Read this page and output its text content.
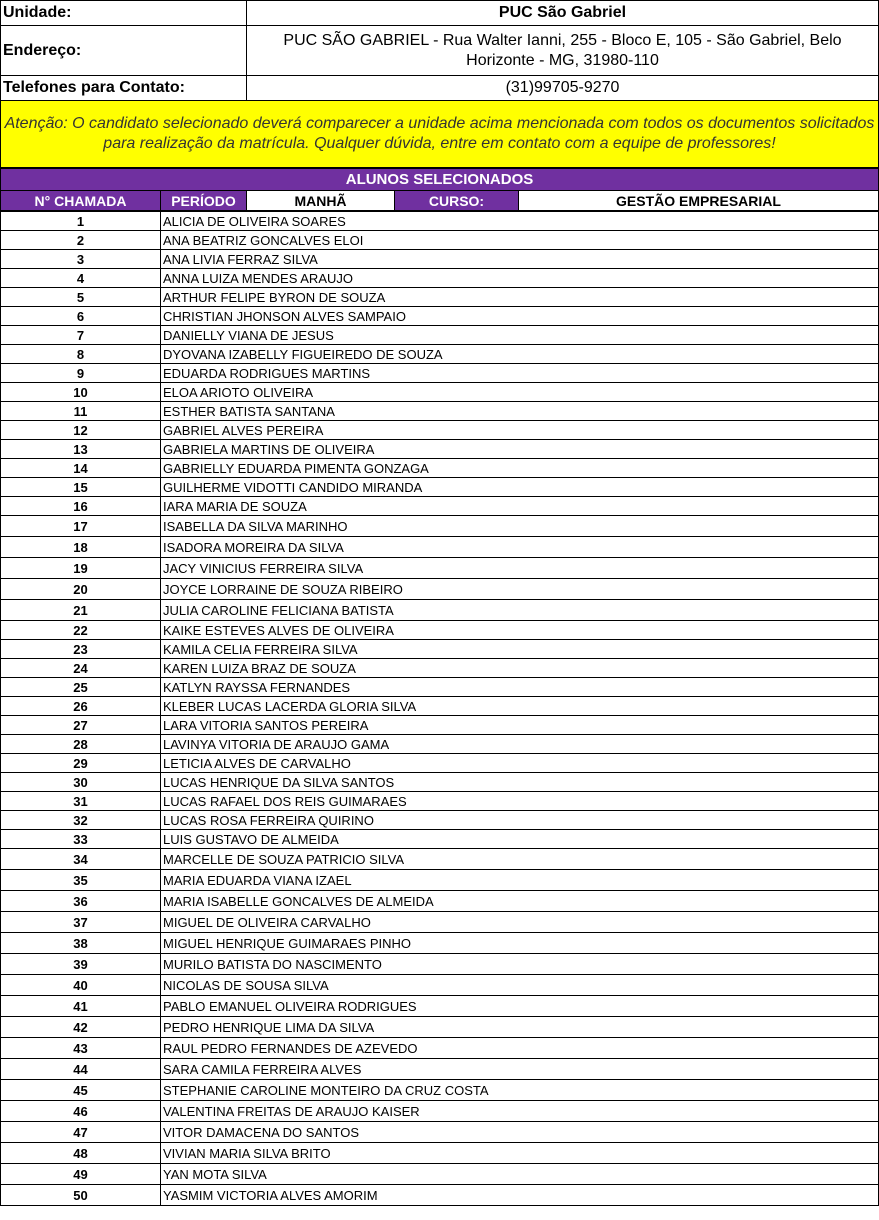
Unidade:	PUC São Gabriel
Endereço:	PUC SÃO GABRIEL - Rua Walter Ianni, 255 - Bloco E, 105 - São Gabriel, Belo Horizonte - MG, 31980-110
Telefones para Contato:	(31)99705-9270
Atenção: O candidato selecionado deverá comparecer a unidade acima mencionada com todos os documentos solicitados para realização da matrícula. Qualquer dúvida, entre em contato com a equipe de professores!	
ALUNOS SELECIONADOS
N° CHAMADA	PERÍODO	MANHÃ	CURSO:	GESTÃO EMPRESARIAL
1	ALICIA DE OLIVEIRA SOARES
2	ANA BEATRIZ GONCALVES ELOI
3	ANA LIVIA FERRAZ SILVA
4	ANNA LUIZA MENDES ARAUJO
5	ARTHUR FELIPE BYRON DE SOUZA
6	CHRISTIAN JHONSON ALVES SAMPAIO
7	DANIELLY VIANA DE JESUS
8	DYOVANA IZABELLY FIGUEIREDO DE SOUZA
9	EDUARDA RODRIGUES MARTINS
10	ELOA ARIOTO OLIVEIRA
11	ESTHER BATISTA SANTANA
12	GABRIEL ALVES PEREIRA
13	GABRIELA MARTINS DE OLIVEIRA
14	GABRIELLY EDUARDA PIMENTA GONZAGA
15	GUILHERME VIDOTTI CANDIDO MIRANDA
16	IARA MARIA DE SOUZA
17	ISABELLA DA SILVA MARINHO
18	ISADORA MOREIRA DA SILVA
19	JACY VINICIUS FERREIRA SILVA
20	JOYCE LORRAINE DE SOUZA RIBEIRO
21	JULIA CAROLINE FELICIANA BATISTA
22	KAIKE ESTEVES ALVES DE OLIVEIRA
23	KAMILA CELIA FERREIRA SILVA
24	KAREN LUIZA BRAZ DE SOUZA
25	KATLYN RAYSSA FERNANDES
26	KLEBER LUCAS LACERDA GLORIA SILVA
27	LARA VITORIA SANTOS PEREIRA
28	LAVINYA VITORIA DE ARAUJO GAMA
29	LETICIA ALVES DE CARVALHO
30	LUCAS HENRIQUE DA SILVA SANTOS
31	LUCAS RAFAEL DOS REIS GUIMARAES
32	LUCAS ROSA FERREIRA QUIRINO
33	LUIS GUSTAVO DE ALMEIDA
34	MARCELLE DE SOUZA PATRICIO SILVA
35	MARIA EDUARDA VIANA IZAEL
36	MARIA ISABELLE GONCALVES DE ALMEIDA
37	MIGUEL DE OLIVEIRA CARVALHO
38	MIGUEL HENRIQUE GUIMARAES PINHO
39	MURILO BATISTA DO NASCIMENTO
40	NICOLAS DE SOUSA SILVA
41	PABLO EMANUEL OLIVEIRA RODRIGUES
42	PEDRO HENRIQUE LIMA DA SILVA
43	RAUL PEDRO FERNANDES DE AZEVEDO
44	SARA CAMILA FERREIRA ALVES
45	STEPHANIE CAROLINE MONTEIRO DA CRUZ COSTA
46	VALENTINA FREITAS DE ARAUJO KAISER
47	VITOR DAMACENA DO SANTOS
48	VIVIAN MARIA SILVA BRITO
49	YAN MOTA SILVA
50	YASMIM VICTORIA ALVES AMORIM
